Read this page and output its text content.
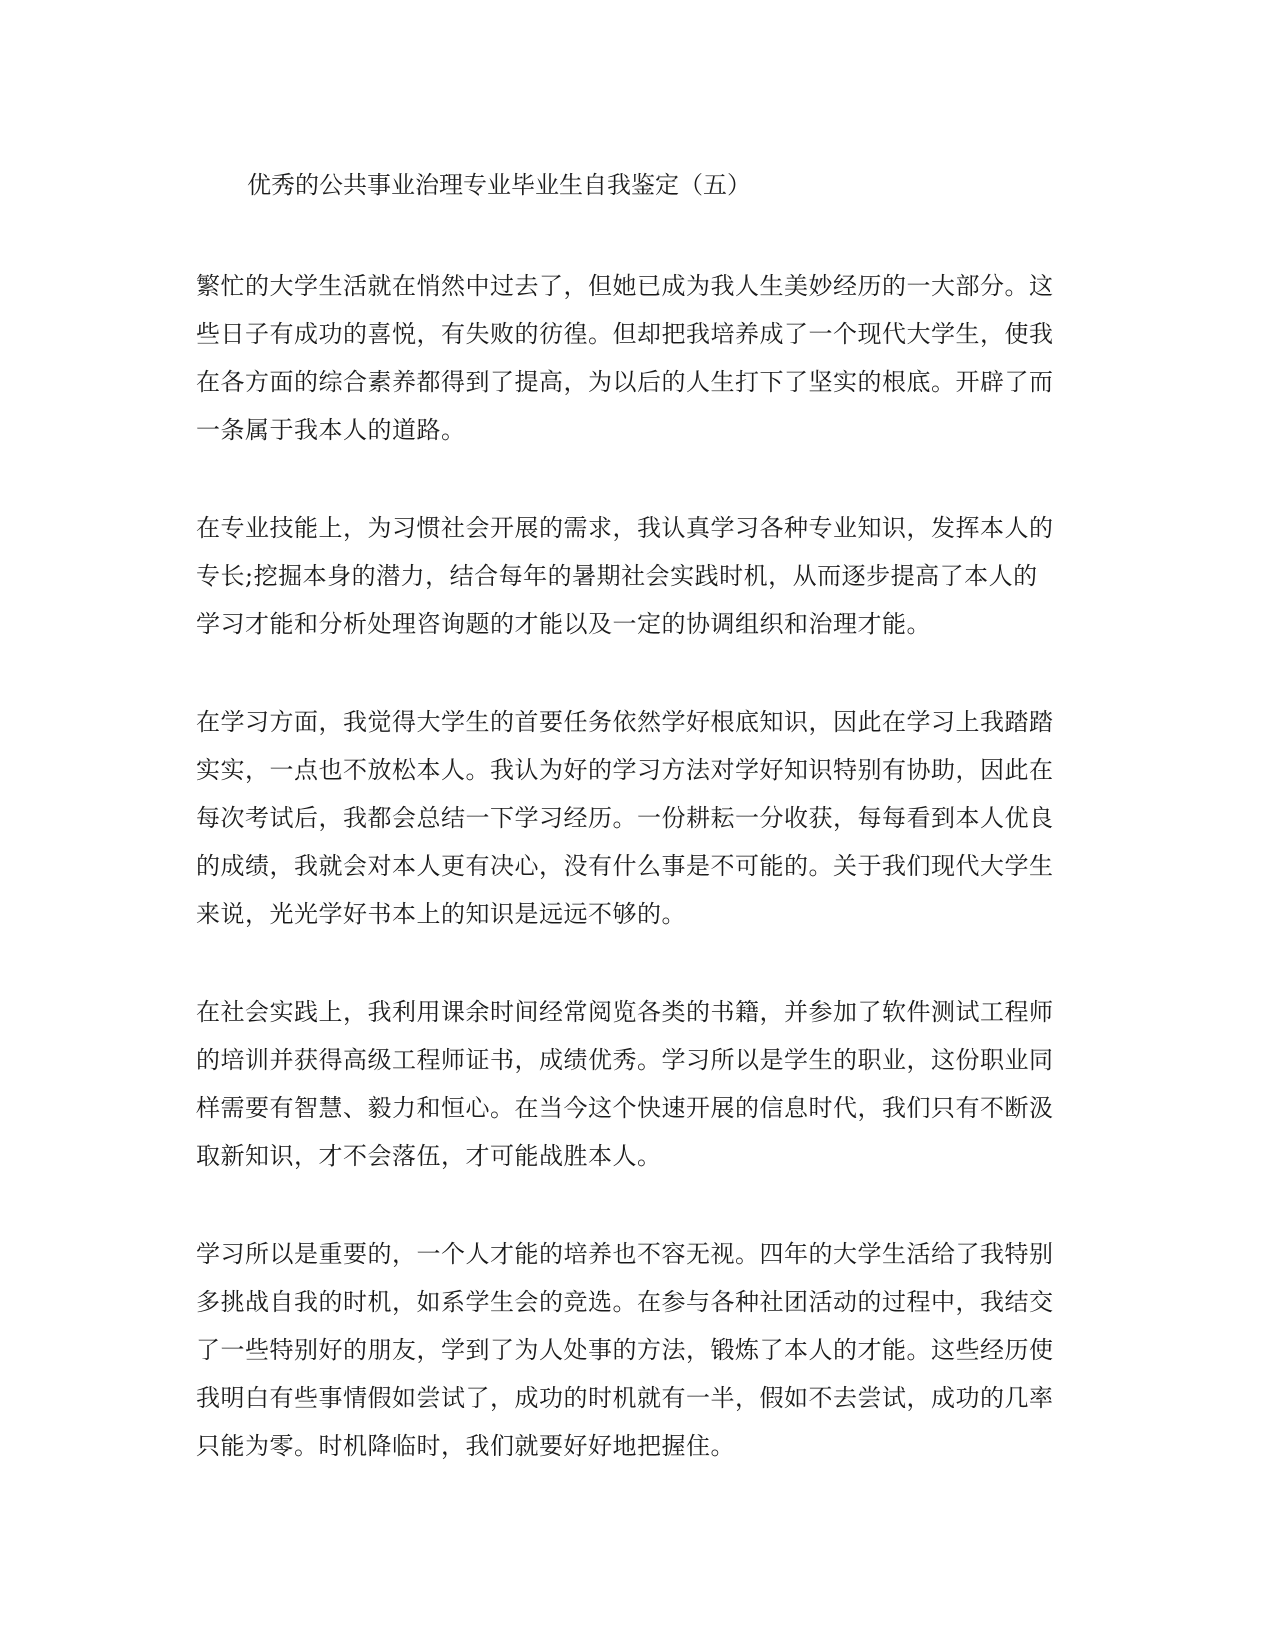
优秀的公共事业治理专业毕业生自我鉴定（五）
繁忙的大学生活就在悄然中过去了，但她已成为我人生美妙经历的一大部分。这
些日子有成功的喜悦，有失败的彷徨。但却把我培养成了一个现代大学生，使我
在各方面的综合素养都得到了提高，为以后的人生打下了坚实的根底。开辟了而
一条属于我本人的道路。
在专业技能上，为习惯社会开展的需求，我认真学习各种专业知识，发挥本人的
专长;挖掘本身的潜力，结合每年的暑期社会实践时机，从而逐步提高了本人的
学习才能和分析处理咨询题的才能以及一定的协调组织和治理才能。
在学习方面，我觉得大学生的首要任务依然学好根底知识，因此在学习上我踏踏
实实，一点也不放松本人。我认为好的学习方法对学好知识特别有协助，因此在
每次考试后，我都会总结一下学习经历。一份耕耘一分收获，每每看到本人优良
的成绩，我就会对本人更有决心，没有什么事是不可能的。关于我们现代大学生
来说，光光学好书本上的知识是远远不够的。
在社会实践上，我利用课余时间经常阅览各类的书籍，并参加了软件测试工程师
的培训并获得高级工程师证书，成绩优秀。学习所以是学生的职业，这份职业同
样需要有智慧、毅力和恒心。在当今这个快速开展的信息时代，我们只有不断汲
取新知识，才不会落伍，才可能战胜本人。
学习所以是重要的，一个人才能的培养也不容无视。四年的大学生活给了我特别
多挑战自我的时机，如系学生会的竞选。在参与各种社团活动的过程中，我结交
了一些特别好的朋友，学到了为人处事的方法，锻炼了本人的才能。这些经历使
我明白有些事情假如尝试了，成功的时机就有一半，假如不去尝试，成功的几率
只能为零。时机降临时，我们就要好好地把握住。
